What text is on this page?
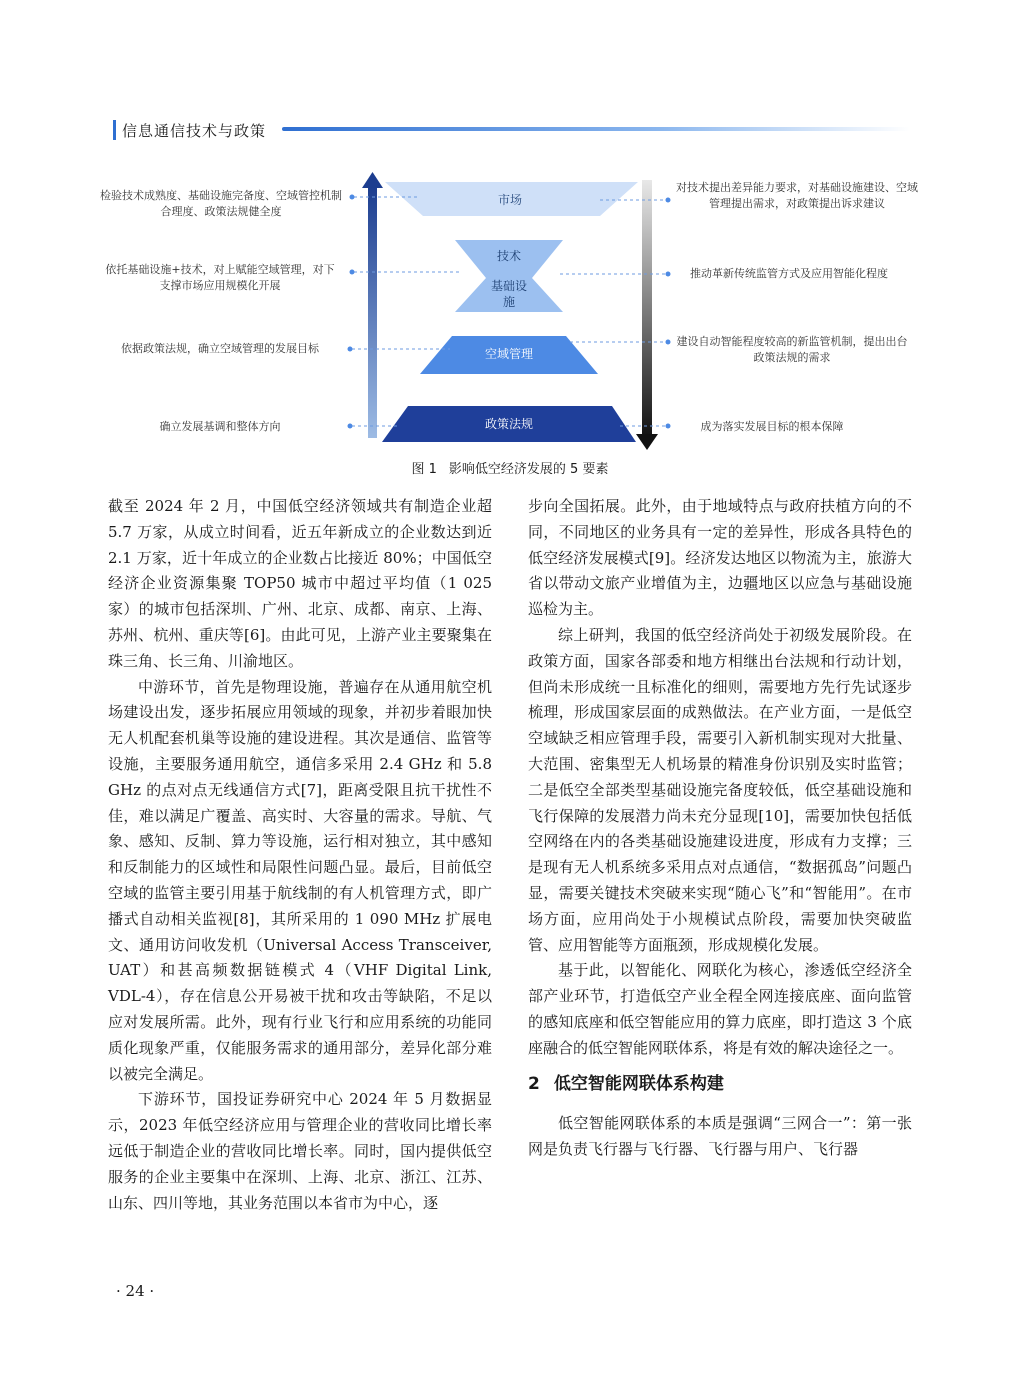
信息通信技术与政策
市场
技术
基础设施
空域管理
政策法规
检验技术成熟度、基础设施完备度、空域管控机制合理度、政策法规健全度
依托基础设施+技术，对上赋能空域管理，对下支撑市场应用规模化开展
依据政策法规，确立空域管理的发展目标
确立发展基调和整体方向
对技术提出差异能力要求，对基础设施建设、空域管理提出需求，对政策提出诉求建议
推动革新传统监管方式及应用智能化程度
建设自动智能程度较高的新监管机制，提出出台政策法规的需求
成为落实发展目标的根本保障
图 1 影响低空经济发展的 5 要素

截至 2024 年 2 月，中国低空经济领域共有制造企业超 5.7 万家，从成立时间看，近五年新成立的企业数达到近 2.1 万家，近十年成立的企业数占比接近 80%；中国低空经济企业资源集聚 TOP50 城市中超过平均值（1 025 家）的城市包括深圳、广州、北京、成都、南京、上海、苏州、杭州、重庆等[6]。由此可见，上游产业主要聚集在珠三角、长三角、川渝地区。

中游环节，首先是物理设施，普遍存在从通用航空机场建设出发，逐步拓展应用领域的现象，并初步着眼加快无人机配套机巢等设施的建设进程。其次是通信、监管等设施，主要服务通用航空，通信多采用 2.4 GHz 和 5.8 GHz 的点对点无线通信方式[7]，距离受限且抗干扰性不佳，难以满足广覆盖、高实时、大容量的需求。导航、气象、感知、反制、算力等设施，运行相对独立，其中感知和反制能力的区域性和局限性问题凸显。最后，目前低空空域的监管主要引用基于航线制的有人机管理方式，即广播式自动相关监视[8]，其所采用的 1 090 MHz 扩展电文、通用访问收发机（Universal Access Transceiver, UAT）和甚高频数据链模式 4（VHF Digital Link, VDL-4），存在信息公开易被干扰和攻击等缺陷，不足以应对发展所需。此外，现有行业飞行和应用系统的功能同质化现象严重，仅能服务需求的通用部分，差异化部分难以被完全满足。

下游环节，国投证券研究中心 2024 年 5 月数据显示，2023 年低空经济应用与管理企业的营收同比增长率远低于制造企业的营收同比增长率。同时，国内提供低空服务的企业主要集中在深圳、上海、北京、浙江、江苏、山东、四川等地，其业务范围以本省市为中心，逐

步向全国拓展。此外，由于地域特点与政府扶植方向的不同，不同地区的业务具有一定的差异性，形成各具特色的低空经济发展模式[9]。经济发达地区以物流为主，旅游大省以带动文旅产业增值为主，边疆地区以应急与基础设施巡检为主。

综上研判，我国的低空经济尚处于初级发展阶段。在政策方面，国家各部委和地方相继出台法规和行动计划，但尚未形成统一且标准化的细则，需要地方先行先试逐步梳理，形成国家层面的成熟做法。在产业方面，一是低空空域缺乏相应管理手段，需要引入新机制实现对大批量、大范围、密集型无人机场景的精准身份识别及实时监管；二是低空全部类型基础设施完备度较低，低空基础设施和飞行保障的发展潜力尚未充分显现[10]，需要加快包括低空网络在内的各类基础设施建设进度，形成有力支撑；三是现有无人机系统多采用点对点通信，“数据孤岛”问题凸显，需要关键技术突破来实现“随心飞”和“智能用”。在市场方面，应用尚处于小规模试点阶段，需要加快突破监管、应用智能等方面瓶颈，形成规模化发展。

基于此，以智能化、网联化为核心，渗透低空经济全部产业环节，打造低空产业全程全网连接底座、面向监管的感知底座和低空智能应用的算力底座，即打造这 3 个底座融合的低空智能网联体系，将是有效的解决途径之一。

2 低空智能网联体系构建

低空智能网联体系的本质是强调“三网合一”：第一张网是负责飞行器与飞行器、飞行器与用户、飞行器

· 24 ·
